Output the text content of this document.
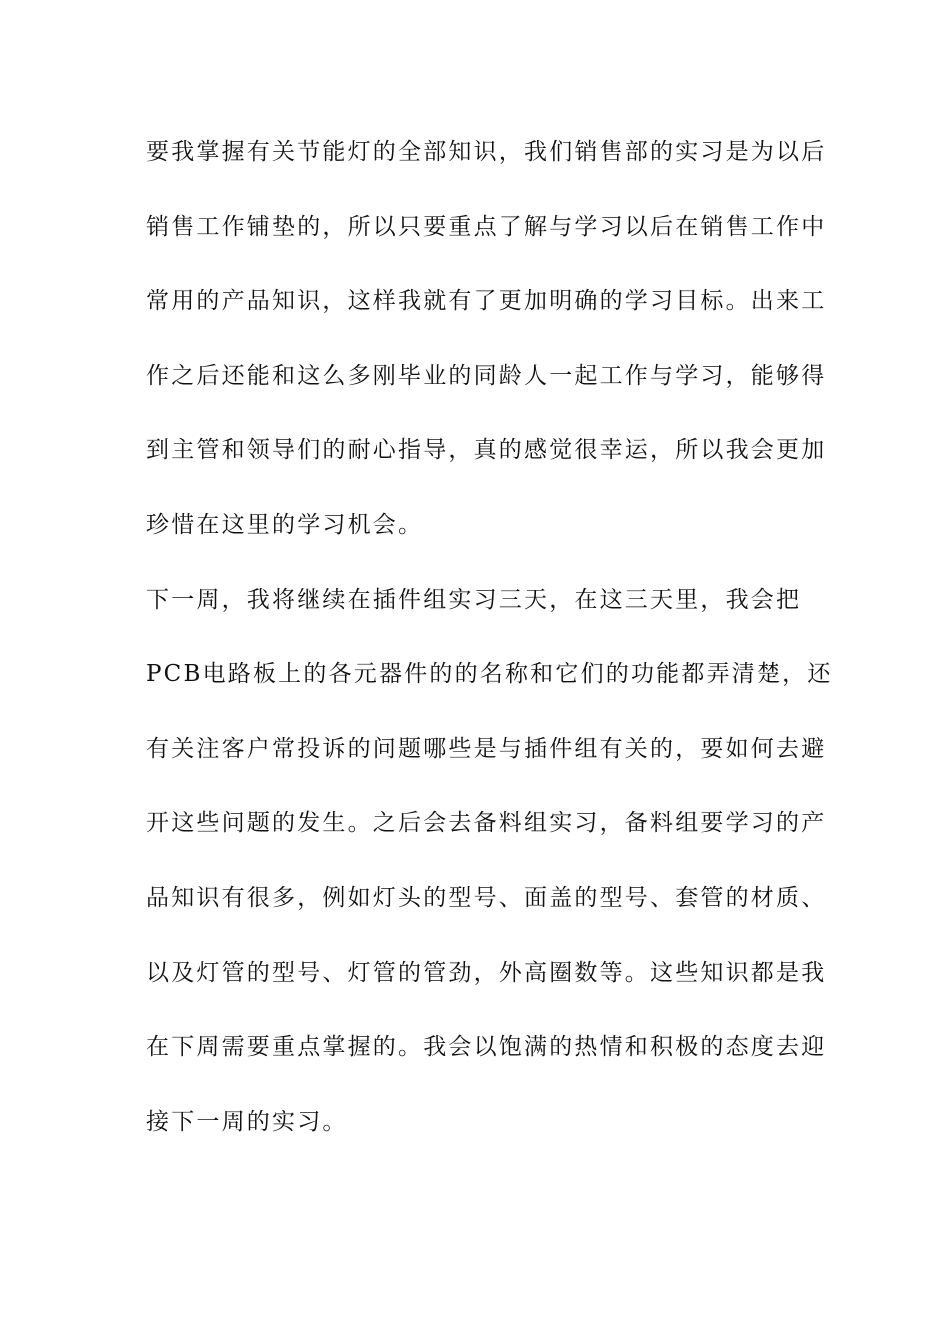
要我掌握有关节能灯的全部知识，我们销售部的实习是为以后
销售工作铺垫的，所以只要重点了解与学习以后在销售工作中
常用的产品知识，这样我就有了更加明确的学习目标。出来工
作之后还能和这么多刚毕业的同龄人一起工作与学习，能够得
到主管和领导们的耐心指导，真的感觉很幸运，所以我会更加
珍惜在这里的学习机会。
下一周，我将继续在插件组实习三天，在这三天里，我会把
PCB电路板上的各元器件的的名称和它们的功能都弄清楚，还
有关注客户常投诉的问题哪些是与插件组有关的，要如何去避
开这些问题的发生。之后会去备料组实习，备料组要学习的产
品知识有很多，例如灯头的型号、面盖的型号、套管的材质、
以及灯管的型号、灯管的管劲，外高圈数等。这些知识都是我
在下周需要重点掌握的。我会以饱满的热情和积极的态度去迎
接下一周的实习。
